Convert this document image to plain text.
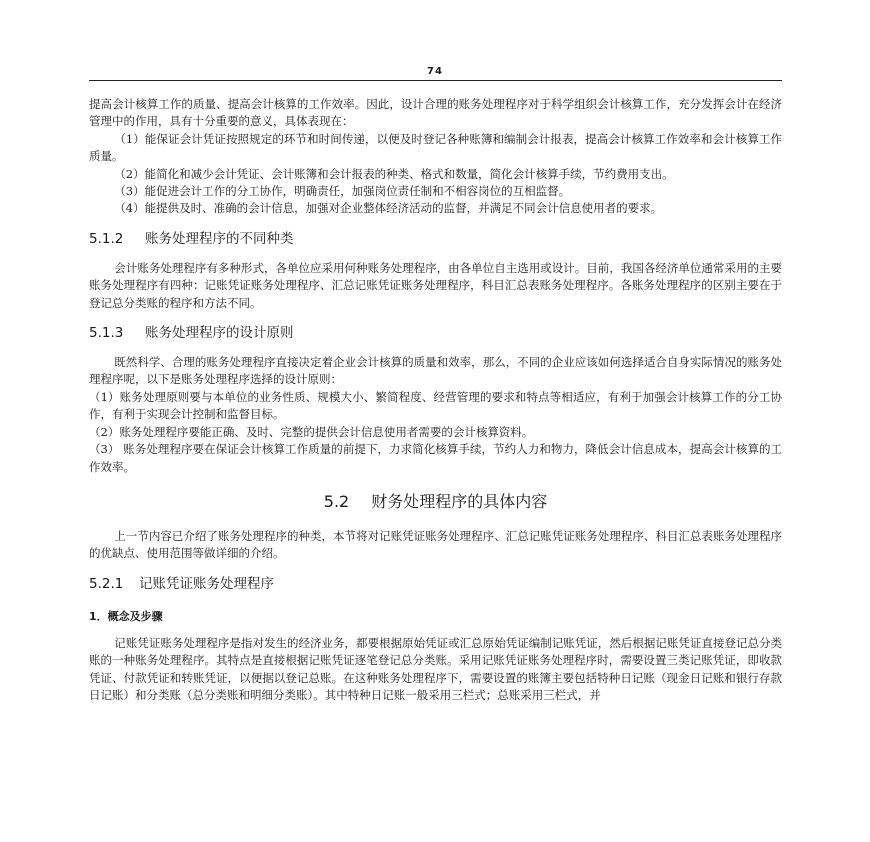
74

提高会计核算工作的质量、提高会计核算的工作效率。因此，设计合理的账务处理程序对于科学组织会计核算工作，充分发挥会计在经济管理中的作用，具有十分重要的意义，具体表现在：

（1）能保证会计凭证按照规定的环节和时间传递，以便及时登记各种账簿和编制会计报表，提高会计核算工作效率和会计核算工作质量。

（2）能简化和减少会计凭证、会计账簿和会计报表的种类、格式和数量，简化会计核算手续，节约费用支出。

（3）能促进会计工作的分工协作，明确责任，加强岗位责任制和不相容岗位的互相监督。

（4）能提供及时、准确的会计信息，加强对企业整体经济活动的监督，并满足不同会计信息使用者的要求。

5.1.2 账务处理程序的不同种类

会计账务处理程序有多种形式，各单位应采用何种账务处理程序，由各单位自主选用或设计。目前，我国各经济单位通常采用的主要账务处理程序有四种：记账凭证账务处理程序、汇总记账凭证账务处理程序，科目汇总表账务处理程序。各账务处理程序的区别主要在于登记总分类账的程序和方法不同。

5.1.3 账务处理程序的设计原则

既然科学、合理的账务处理程序直接决定着企业会计核算的质量和效率，那么，不同的企业应该如何选择适合自身实际情况的账务处理程序呢，以下是账务处理程序选择的设计原则：

（1）账务处理原则要与本单位的业务性质、规模大小、繁简程度、经营管理的要求和特点等相适应，有利于加强会计核算工作的分工协作，有利于实现会计控制和监督目标。

（2）账务处理程序要能正确、及时、完整的提供会计信息使用者需要的会计核算资料。

（3） 账务处理程序要在保证会计核算工作质量的前提下，力求简化核算手续，节约人力和物力，降低会计信息成本，提高会计核算的工作效率。

5.2 财务处理程序的具体内容

上一节内容已介绍了账务处理程序的种类，本节将对记账凭证账务处理程序、汇总记账凭证账务处理程序、科目汇总表账务处理程序的优缺点、使用范围等做详细的介绍。

5.2.1 记账凭证账务处理程序
1．概念及步骤

记账凭证账务处理程序是指对发生的经济业务，都要根据原始凭证或汇总原始凭证编制记账凭证，然后根据记账凭证直接登记总分类账的一种账务处理程序。其特点是直接根据记账凭证逐笔登记总分类账。采用记账凭证账务处理程序时，需要设置三类记账凭证，即收款凭证、付款凭证和转账凭证，以便据以登记总账。在这种账务处理程序下，需要设置的账簿主要包括特种日记账（现金日记账和银行存款日记账）和分类账（总分类账和明细分类账）。其中特种日记账一般采用三栏式；总账采用三栏式，并
